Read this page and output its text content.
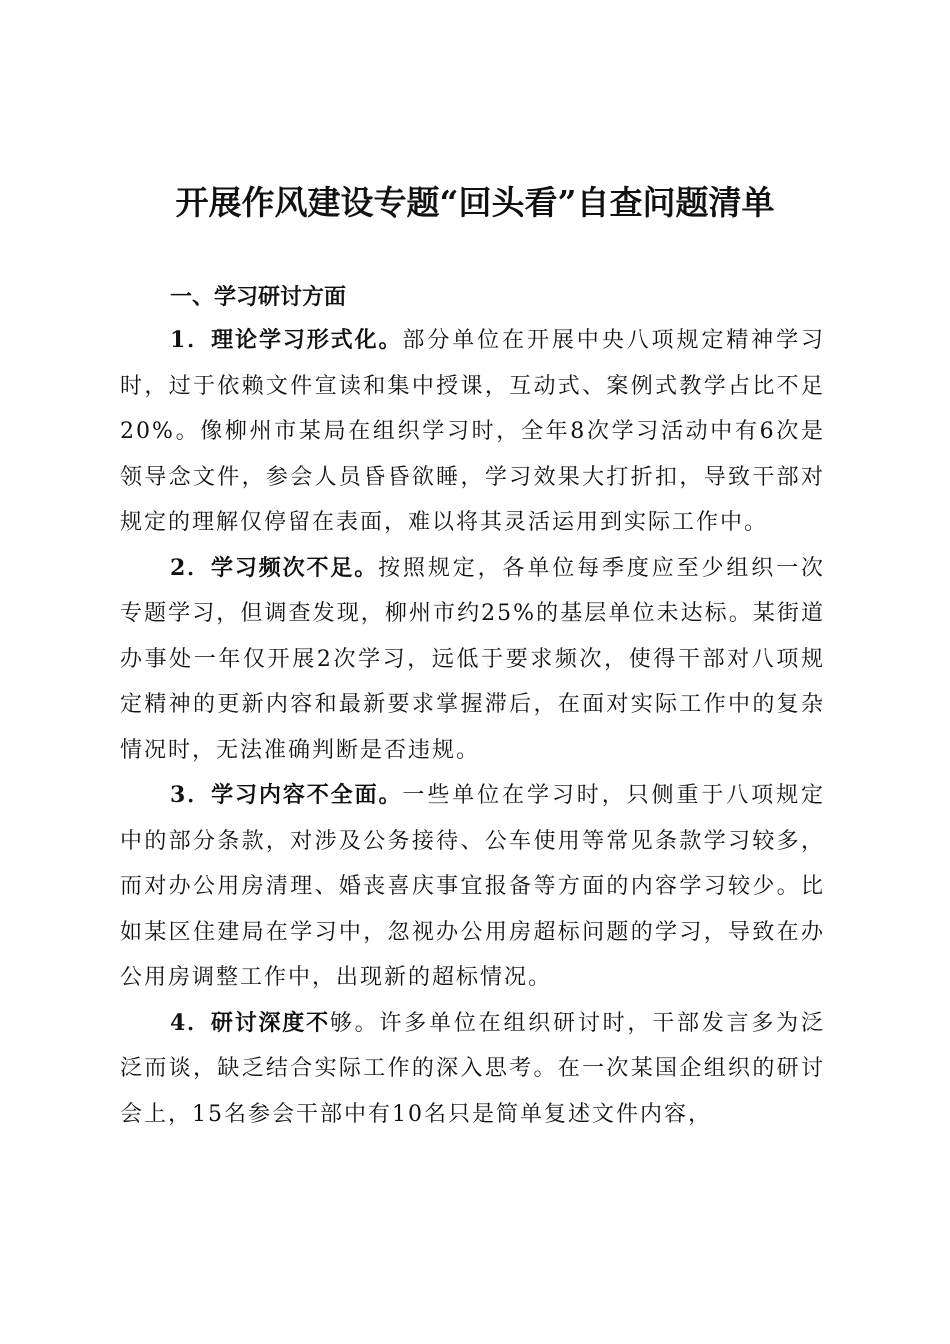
开展作风建设专题“回头看”自查问题清单

一、学习研讨方面

1．理论学习形式化。部分单位在开展中央八项规定精神学习时，过于依赖文件宣读和集中授课，互动式、案例式教学占比不足20%。像柳州市某局在组织学习时，全年8次学习活动中有6次是领导念文件，参会人员昏昏欲睡，学习效果大打折扣，导致干部对规定的理解仅停留在表面，难以将其灵活运用到实际工作中。

2．学习频次不足。按照规定，各单位每季度应至少组织一次专题学习，但调查发现，柳州市约25%的基层单位未达标。某街道办事处一年仅开展2次学习，远低于要求频次，使得干部对八项规定精神的更新内容和最新要求掌握滞后，在面对实际工作中的复杂情况时，无法准确判断是否违规。

3．学习内容不全面。一些单位在学习时，只侧重于八项规定中的部分条款，对涉及公务接待、公车使用等常见条款学习较多，而对办公用房清理、婚丧喜庆事宜报备等方面的内容学习较少。比如某区住建局在学习中，忽视办公用房超标问题的学习，导致在办公用房调整工作中，出现新的超标情况。

4．研讨深度不够。许多单位在组织研讨时，干部发言多为泛泛而谈，缺乏结合实际工作的深入思考。在一次某国企组织的研讨会上，15名参会干部中有10名只是简单复述文件内容，
